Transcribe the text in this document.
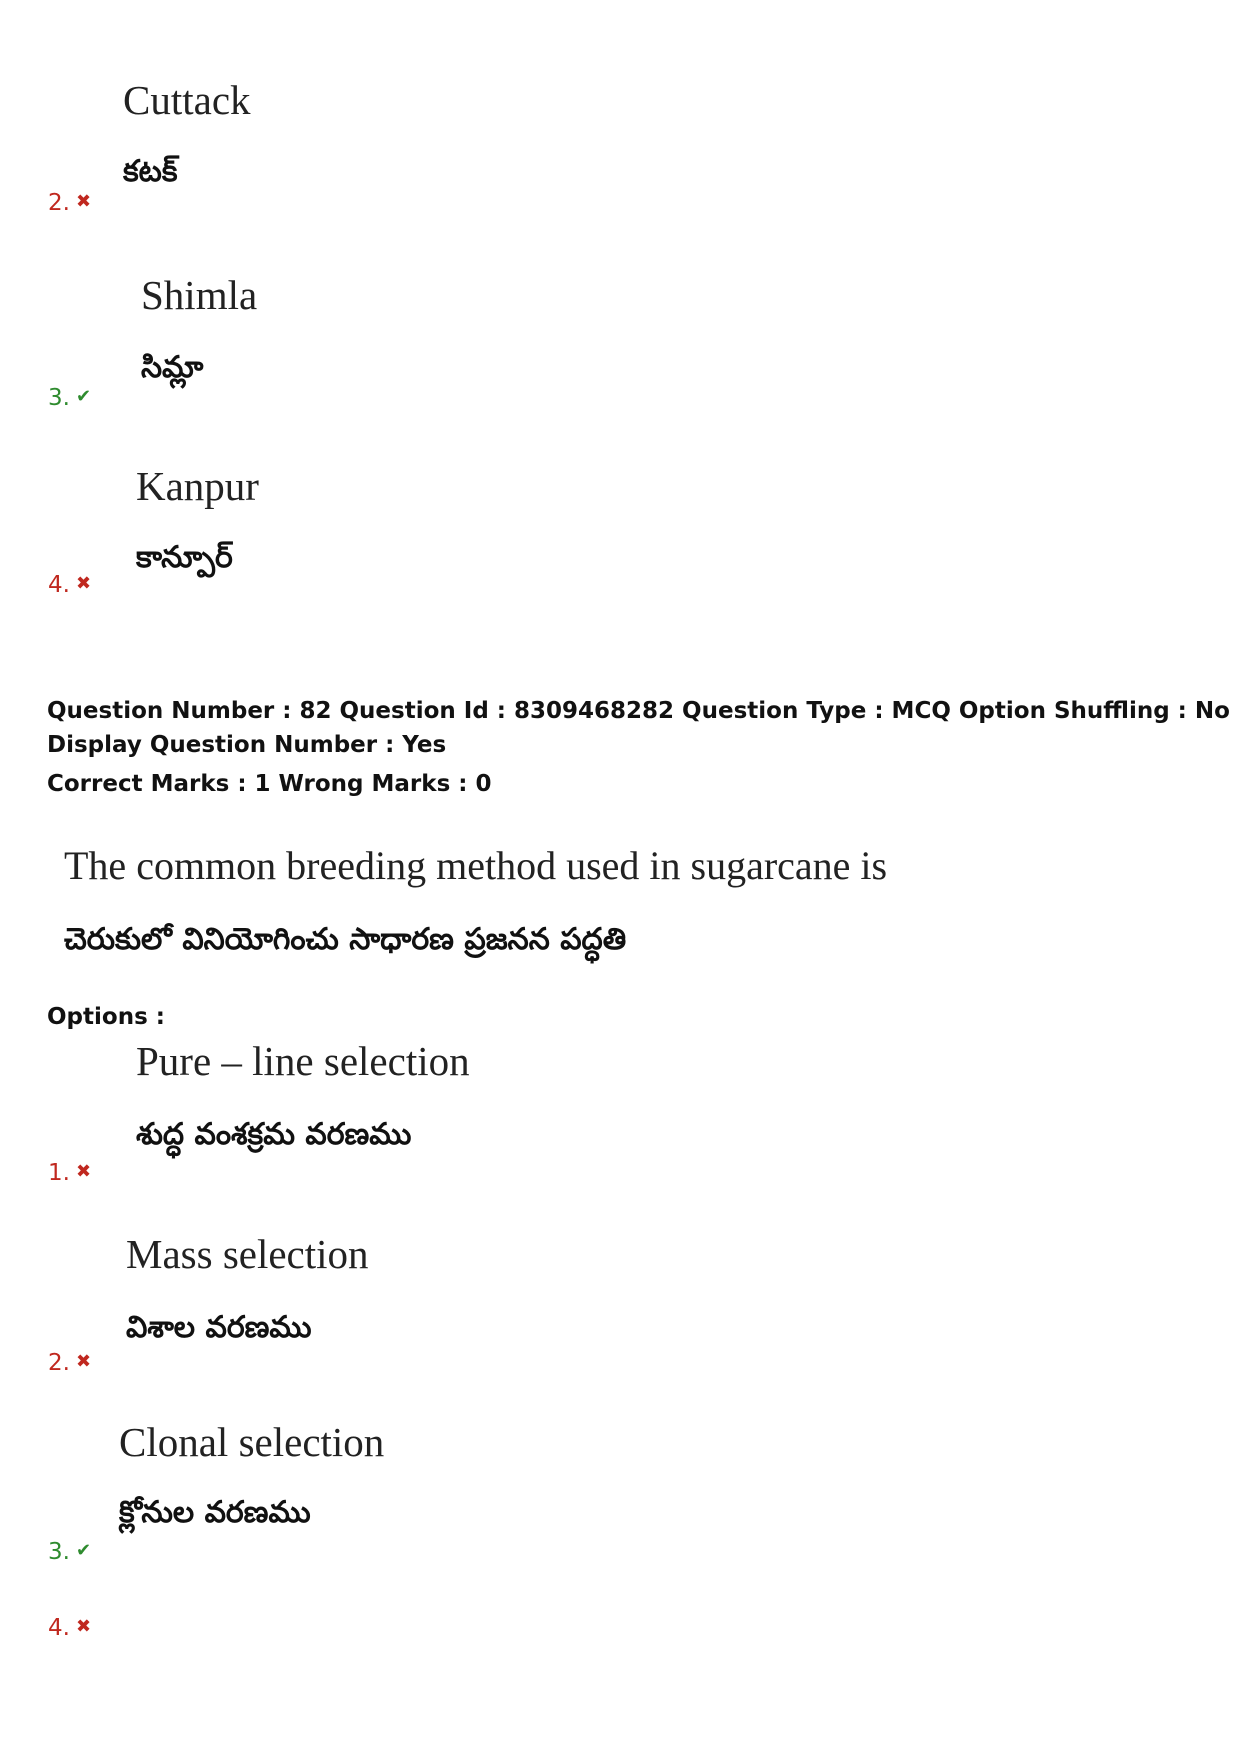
Cuttack
కటక్
2. ✖
Shimla
సిమ్లా
3. ✔
Kanpur
కాన్పూర్
4. ✖
Question Number : 82 Question Id : 8309468282 Question Type : MCQ Option Shuffling : No
Display Question Number : Yes
Correct Marks : 1 Wrong Marks : 0
The common breeding method used in sugarcane is
చెరుకులో వినియోగించు సాధారణ ప్రజనన పద్ధతి
Options :
Pure – line selection
శుద్ధ వంశక్రమ వరణము
1. ✖
Mass selection
విశాల వరణము
2. ✖
Clonal selection
క్లోనుల వరణము
3. ✔
4. ✖
